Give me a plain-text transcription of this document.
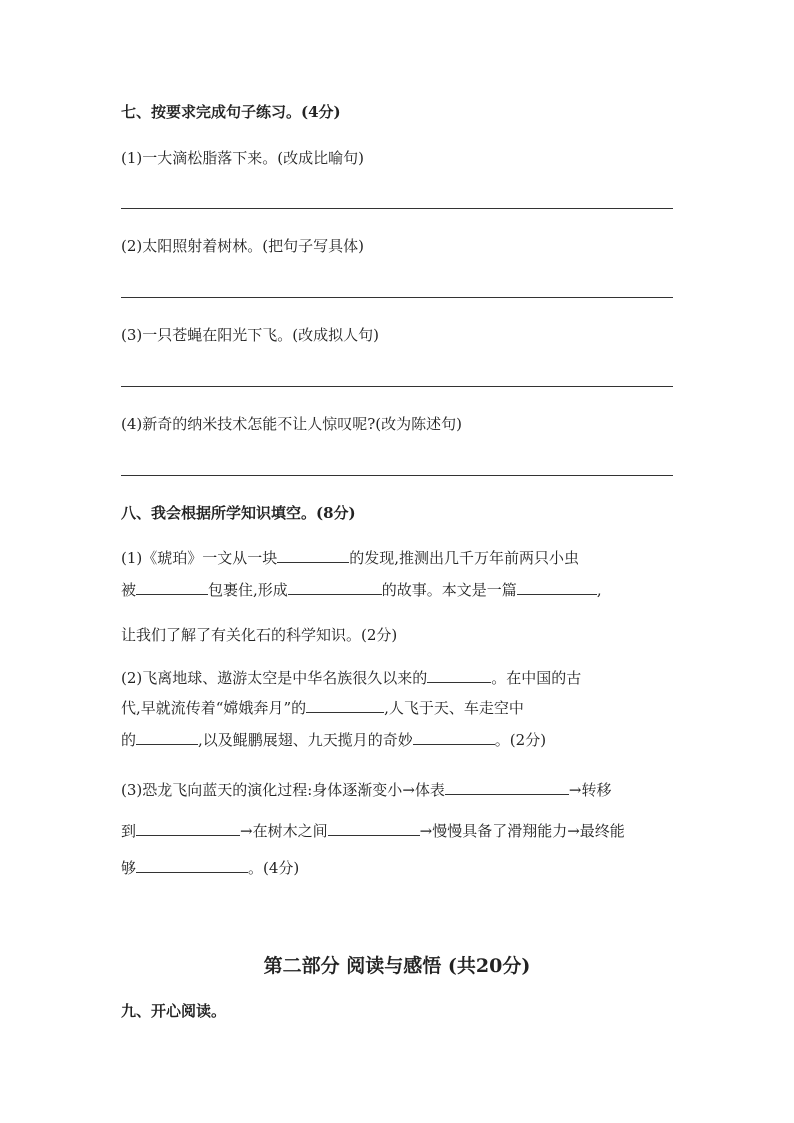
七、按要求完成句子练习。(4分)
(1)一大滴松脂落下来。(改成比喻句)
(2)太阳照射着树林。(把句子写具体)
(3)一只苍蝇在阳光下飞。(改成拟人句)
(4)新奇的纳米技术怎能不让人惊叹呢?(改为陈述句)
八、我会根据所学知识填空。(8分)
(1)《琥珀》一文从一块	的发现,推测出几千万年前两只小虫
被	包裹住,形成	的故事。本文是一篇	,
让我们了解了有关化石的科学知识。(2分)
(2)飞离地球、遨游太空是中华名族很久以来的	。在中国的古
代,早就流传着“嫦娥奔月”的	,人飞于天、车走空中
的	,以及鲲鹏展翅、九天揽月的奇妙	。(2分)
(3)恐龙飞向蓝天的演化过程:身体逐渐变小→体表	→转移
到	→在树木之间	→慢慢具备了滑翔能力→最终能
够	。(4分)
第二部分 阅读与感悟 (共20分)
九、开心阅读。
